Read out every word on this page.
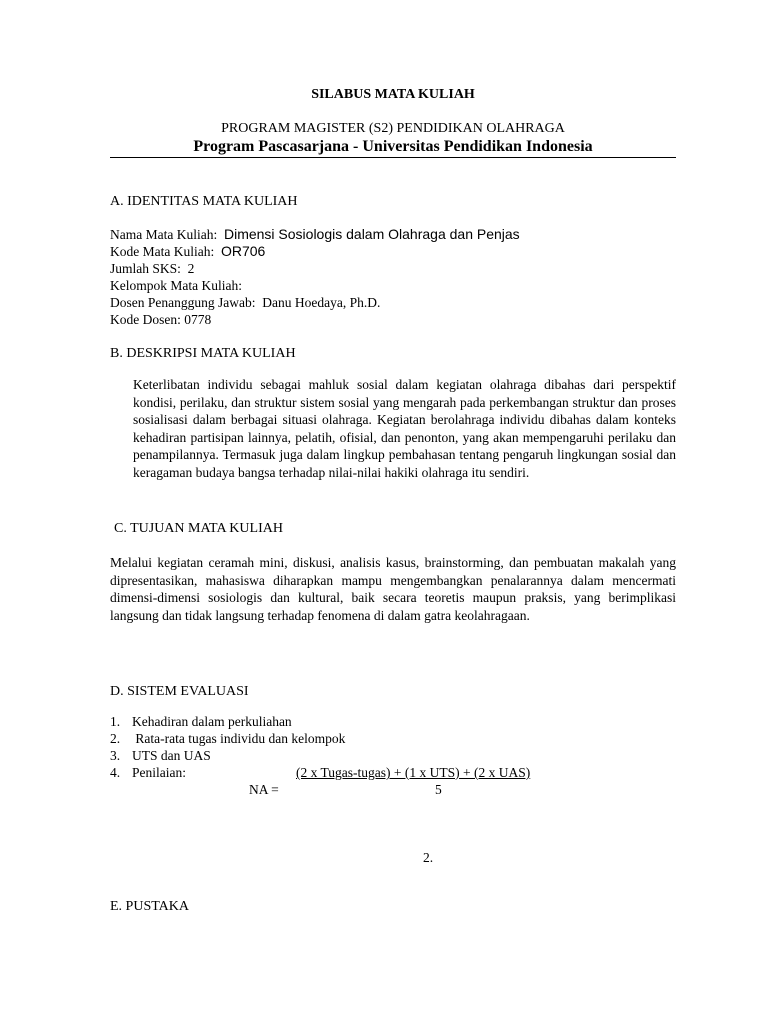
SILABUS MATA KULIAH
PROGRAM MAGISTER (S2) PENDIDIKAN OLAHRAGA
Program Pascasarjana - Universitas Pendidikan Indonesia
A. IDENTITAS MATA KULIAH
Nama Mata Kuliah: Dimensi Sosiologis dalam Olahraga dan Penjas
Kode Mata Kuliah: OR706
Jumlah SKS: 2
Kelompok Mata Kuliah:
Dosen Penanggung Jawab: Danu Hoedaya, Ph.D.
Kode Dosen: 0778
B. DESKRIPSI MATA KULIAH
Keterlibatan individu sebagai mahluk sosial dalam kegiatan olahraga dibahas dari perspektif kondisi, perilaku, dan struktur sistem sosial yang mengarah pada perkembangan struktur dan proses sosialisasi dalam berbagai situasi olahraga. Kegiatan berolahraga individu dibahas dalam konteks kehadiran partisipan lainnya, pelatih, ofisial, dan penonton, yang akan mempengaruhi perilaku dan penampilannya. Termasuk juga dalam lingkup pembahasan tentang pengaruh lingkungan sosial dan keragaman budaya bangsa terhadap nilai-nilai hakiki olahraga itu sendiri.
C. TUJUAN MATA KULIAH
Melalui kegiatan ceramah mini, diskusi, analisis kasus, brainstorming, dan pembuatan makalah yang dipresentasikan, mahasiswa diharapkan mampu mengembangkan penalarannya dalam mencermati dimensi-dimensi sosiologis dan kultural, baik secara teoretis maupun praksis, yang berimplikasi langsung dan tidak langsung terhadap fenomena di dalam gatra keolahragaan.
D. SISTEM EVALUASI
1. Kehadiran dalam perkuliahan
2. Rata-rata tugas individu dan kelompok
3. UTS dan UAS
4. Penilaian:	(2 x Tugas-tugas) + (1 x UTS) + (2 x UAS)
NA =	5
2.
E. PUSTAKA
